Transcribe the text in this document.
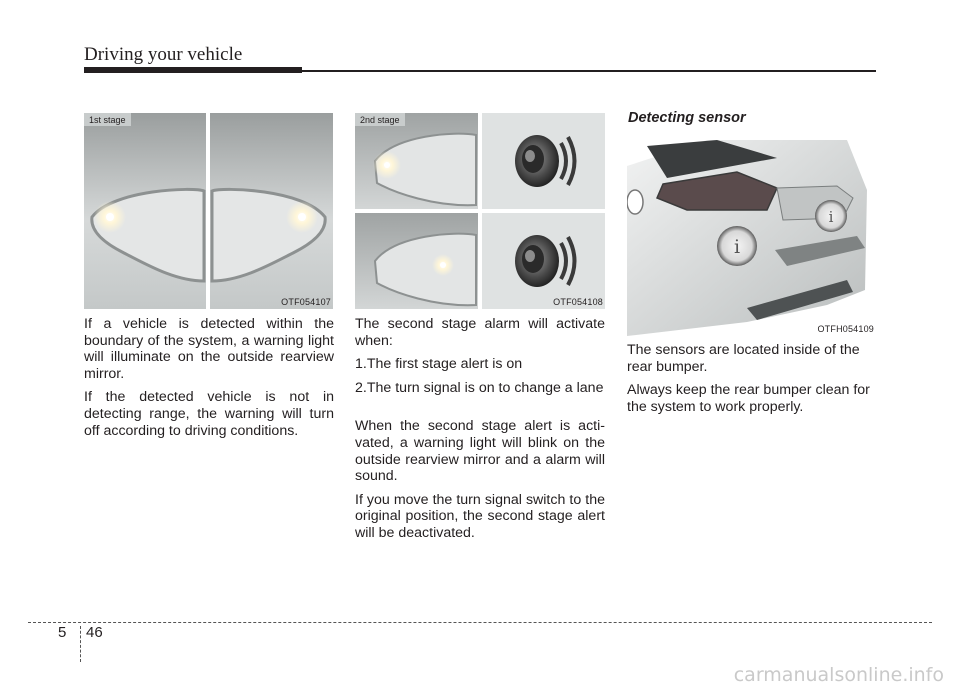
Driving your vehicle
1st stage
OTF054107
2nd stage
OTF054108
i
i
OTFH054109

If a vehicle is detected within the boundary of the system, a warning light will illuminate on the outside rearview mirror.

If the detected vehicle is not in detecting range, the warning will turn off according to driving conditions.

The second stage alarm will activate when:

1. The first stage alert is on
2. The turn signal is on to change a lane

When the second stage alert is activated, a warning light will blink on the outside rearview mirror and a alarm will sound.

If you move the turn signal switch to the original position, the second stage alert will be deactivated.

Detecting sensor

The sensors are located inside of the rear bumper.

Always keep the rear bumper clean for the system to work properly.

5 46
carmanualsonline.info
